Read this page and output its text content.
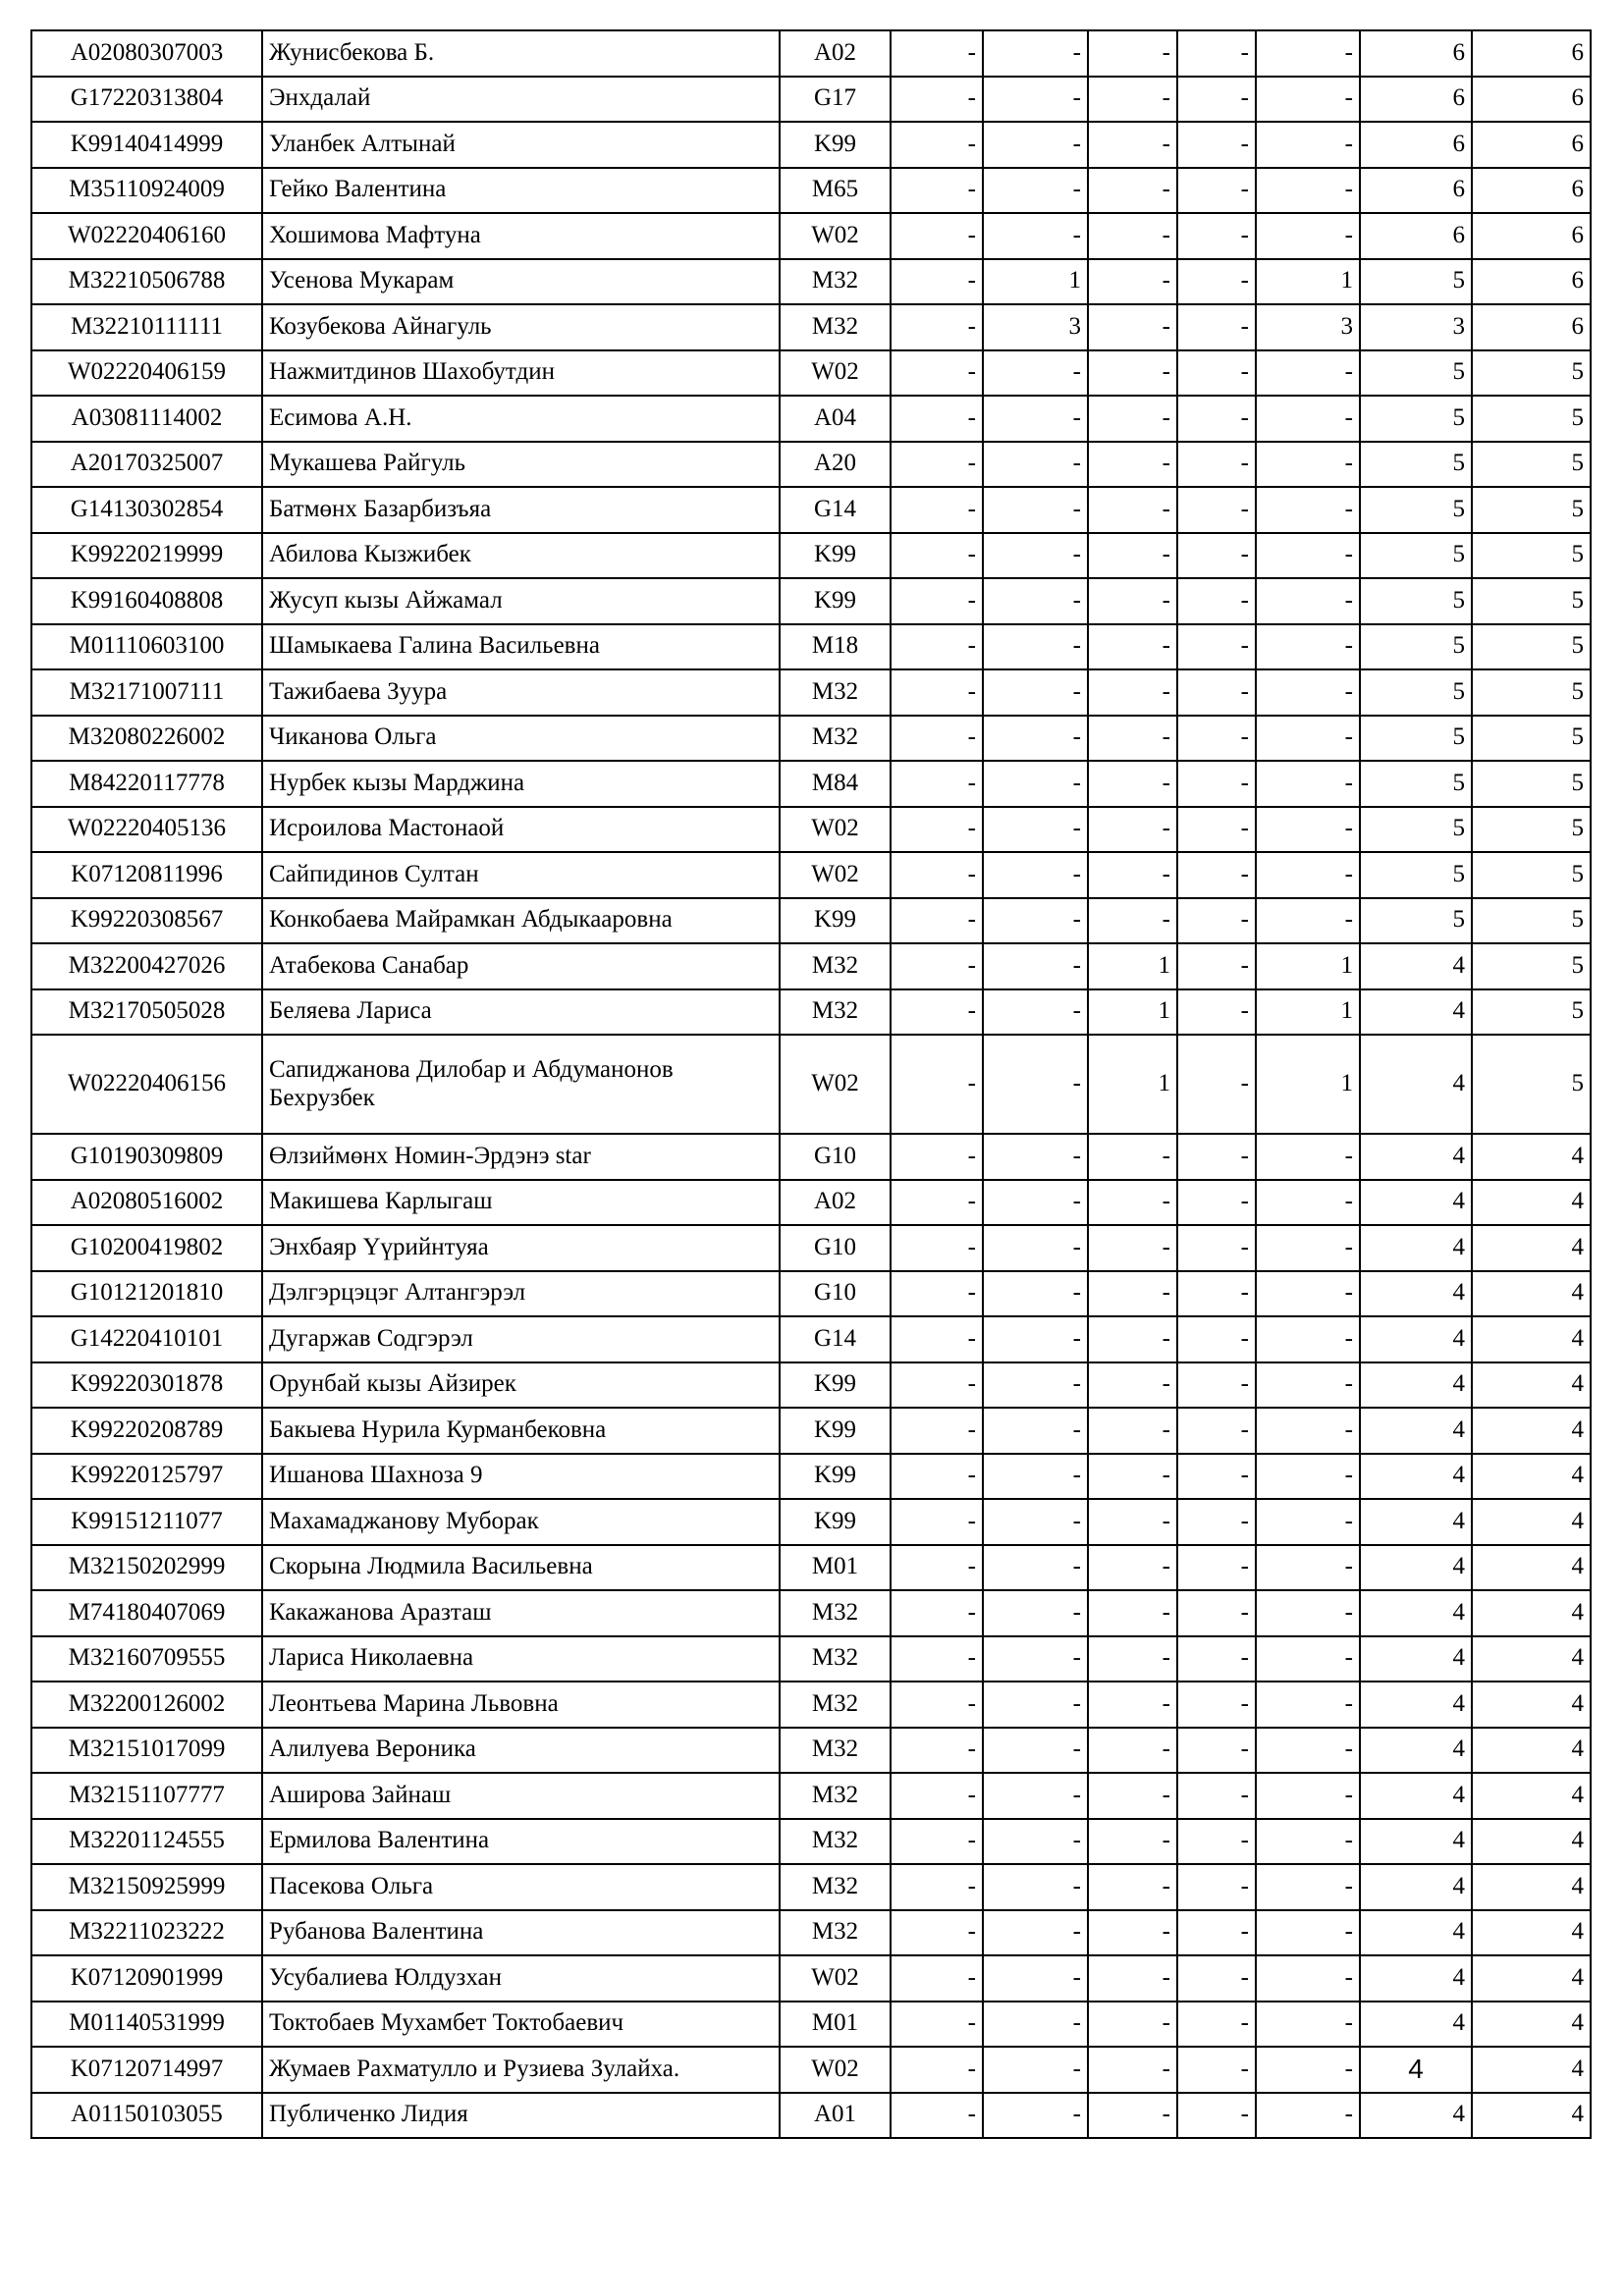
A02080307003	Жунисбекова Б.	A02	-	-	-	-	-	6	6
G17220313804	Энхдалай	G17	-	-	-	-	-	6	6
K99140414999	Уланбек Алтынай	K99	-	-	-	-	-	6	6
M35110924009	Гейко Валентина	M65	-	-	-	-	-	6	6
W02220406160	Хошимова Мафтуна	W02	-	-	-	-	-	6	6
M32210506788	Усенова Мукарам	M32	-	1	-	-	1	5	6
M32210111111	Козубекова Айнагуль	M32	-	3	-	-	3	3	6
W02220406159	Нажмитдинов Шахобутдин	W02	-	-	-	-	-	5	5
A03081114002	Есимова А.Н.	A04	-	-	-	-	-	5	5
A20170325007	Мукашева Райгуль	A20	-	-	-	-	-	5	5
G14130302854	Батмөнх Базарбизъяа	G14	-	-	-	-	-	5	5
K99220219999	Абилова Кызжибек	K99	-	-	-	-	-	5	5
K99160408808	Жусуп кызы Айжамал	K99	-	-	-	-	-	5	5
M01110603100	Шамыкаева Галина Васильевна	M18	-	-	-	-	-	5	5
M32171007111	Тажибаева Зуура	M32	-	-	-	-	-	5	5
M32080226002	Чиканова Ольга	M32	-	-	-	-	-	5	5
M84220117778	Нурбек кызы Марджина	M84	-	-	-	-	-	5	5
W02220405136	Исроилова Мастонаой	W02	-	-	-	-	-	5	5
K07120811996	Сайпидинов Султан	W02	-	-	-	-	-	5	5
K99220308567	Конкобаева Майрамкан Абдыкааровна	K99	-	-	-	-	-	5	5
M32200427026	Атабекова Санабар	M32	-	-	1	-	1	4	5
M32170505028	Беляева Лариса	M32	-	-	1	-	1	4	5
W02220406156	Сапиджанова Дилобар и Абдуманонов Бехрузбек	W02	-	-	1	-	1	4	5
G10190309809	Өлзиймөнх Номин-Эрдэнэ star	G10	-	-	-	-	-	4	4
A02080516002	Макишева Карлыгаш	A02	-	-	-	-	-	4	4
G10200419802	Энхбаяр Үүрийнтуяа	G10	-	-	-	-	-	4	4
G10121201810	Дэлгэрцэцэг Алтангэрэл	G10	-	-	-	-	-	4	4
G14220410101	Дугаржав Содгэрэл	G14	-	-	-	-	-	4	4
K99220301878	Орунбай кызы Айзирек	K99	-	-	-	-	-	4	4
K99220208789	Бакыева Нурила Курманбековна	K99	-	-	-	-	-	4	4
K99220125797	Ишанова Шахноза 9	K99	-	-	-	-	-	4	4
K99151211077	Махамаджанову Муборак	K99	-	-	-	-	-	4	4
M32150202999	Скорына Людмила Васильевна	M01	-	-	-	-	-	4	4
M74180407069	Какажанова Аразташ	M32	-	-	-	-	-	4	4
M32160709555	Лариса Николаевна	M32	-	-	-	-	-	4	4
M32200126002	Леонтьева Марина Львовна	M32	-	-	-	-	-	4	4
M32151017099	Алилуева Вероника	M32	-	-	-	-	-	4	4
M32151107777	Аширова Зайнаш	M32	-	-	-	-	-	4	4
M32201124555	Ермилова Валентина	M32	-	-	-	-	-	4	4
M32150925999	Пасекова Ольга	M32	-	-	-	-	-	4	4
M32211023222	Рубанова Валентина	M32	-	-	-	-	-	4	4
K07120901999	Усубалиева Юлдузхан	W02	-	-	-	-	-	4	4
M01140531999	Токтобаев Мухамбет Токтобаевич	M01	-	-	-	-	-	4	4
K07120714997	Жумаев Рахматулло и Рузиева Зулайха.	W02	-	-	-	-	-	4	4
A01150103055	Публиченко Лидия	A01	-	-	-	-	-	4	4
